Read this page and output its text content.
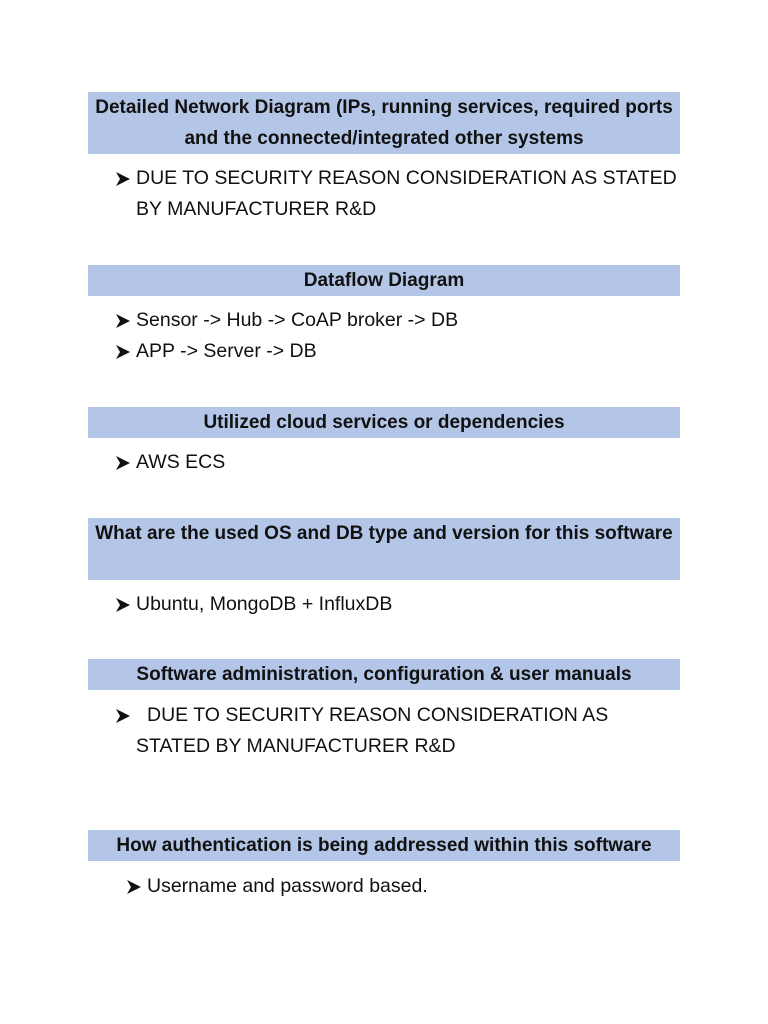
Detailed Network Diagram (IPs, running services, required ports and the connected/integrated other systems
DUE TO SECURITY REASON CONSIDERATION AS STATED BY MANUFACTURER R&D
Dataflow Diagram
Sensor -> Hub -> CoAP broker -> DB
APP -> Server -> DB
Utilized cloud services or dependencies
AWS ECS
What are the used OS and DB type and version for this software
Ubuntu, MongoDB + InfluxDB
Software administration, configuration & user manuals
DUE TO SECURITY REASON CONSIDERATION AS STATED BY MANUFACTURER R&D
How authentication is being addressed within this software
Username and password based.
